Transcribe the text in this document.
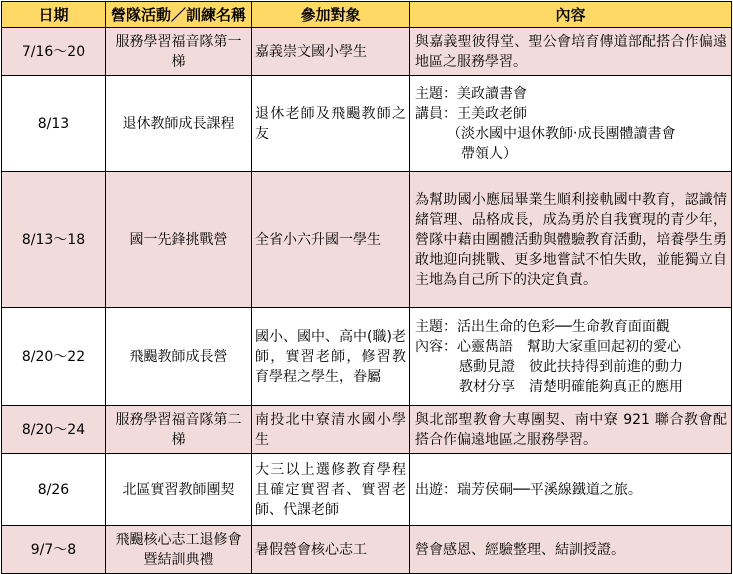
日期	營隊活動／訓練名稱	參加對象	內容
7/16～20	服務學習福音隊第一梯	嘉義崇文國小學生	與嘉義聖彼得堂、聖公會培育傳道部配搭合作偏遠地區之服務學習。
8/13	退休教師成長課程	退休老師及飛颺教師之友	主題：美政讀書會
講員：王美政老師
（淡水國中退休教師‧成長團體讀書會
帶領人）

8/13～18	國一先鋒挑戰營	全省小六升國一學生	為幫助國小應屆畢業生順利接軌國中教育，認識情緒管理、品格成長，成為勇於自我實現的青少年，營隊中藉由團體活動與體驗教育活動，培養學生勇敢地迎向挑戰、更多地嘗試不怕失敗，並能獨立自主地為自己所下的決定負責。
8/20～22	飛颺教師成長營	國小、國中、高中(職)老師，實習老師，修習教育學程之學生，眷屬	主題：活出生命的色彩──生命教育面面觀
內容：心靈雋語　幫助大家重回起初的愛心
感動見證　彼此扶持得到前進的動力
教材分享　清楚明確能夠真正的應用

8/20～24	服務學習福音隊第二梯	南投北中寮清水國小學生	與北部聖教會大專團契、南中寮 921 聯合教會配搭合作偏遠地區之服務學習。
8/26	北區實習教師團契	大三以上選修教育學程且確定實習者、實習老師、代課老師	出遊：瑞芳侯硐──平溪線鐵道之旅。
9/7～8	飛颺核心志工退修會暨結訓典禮	暑假營會核心志工	營會感恩、經驗整理、結訓授證。
